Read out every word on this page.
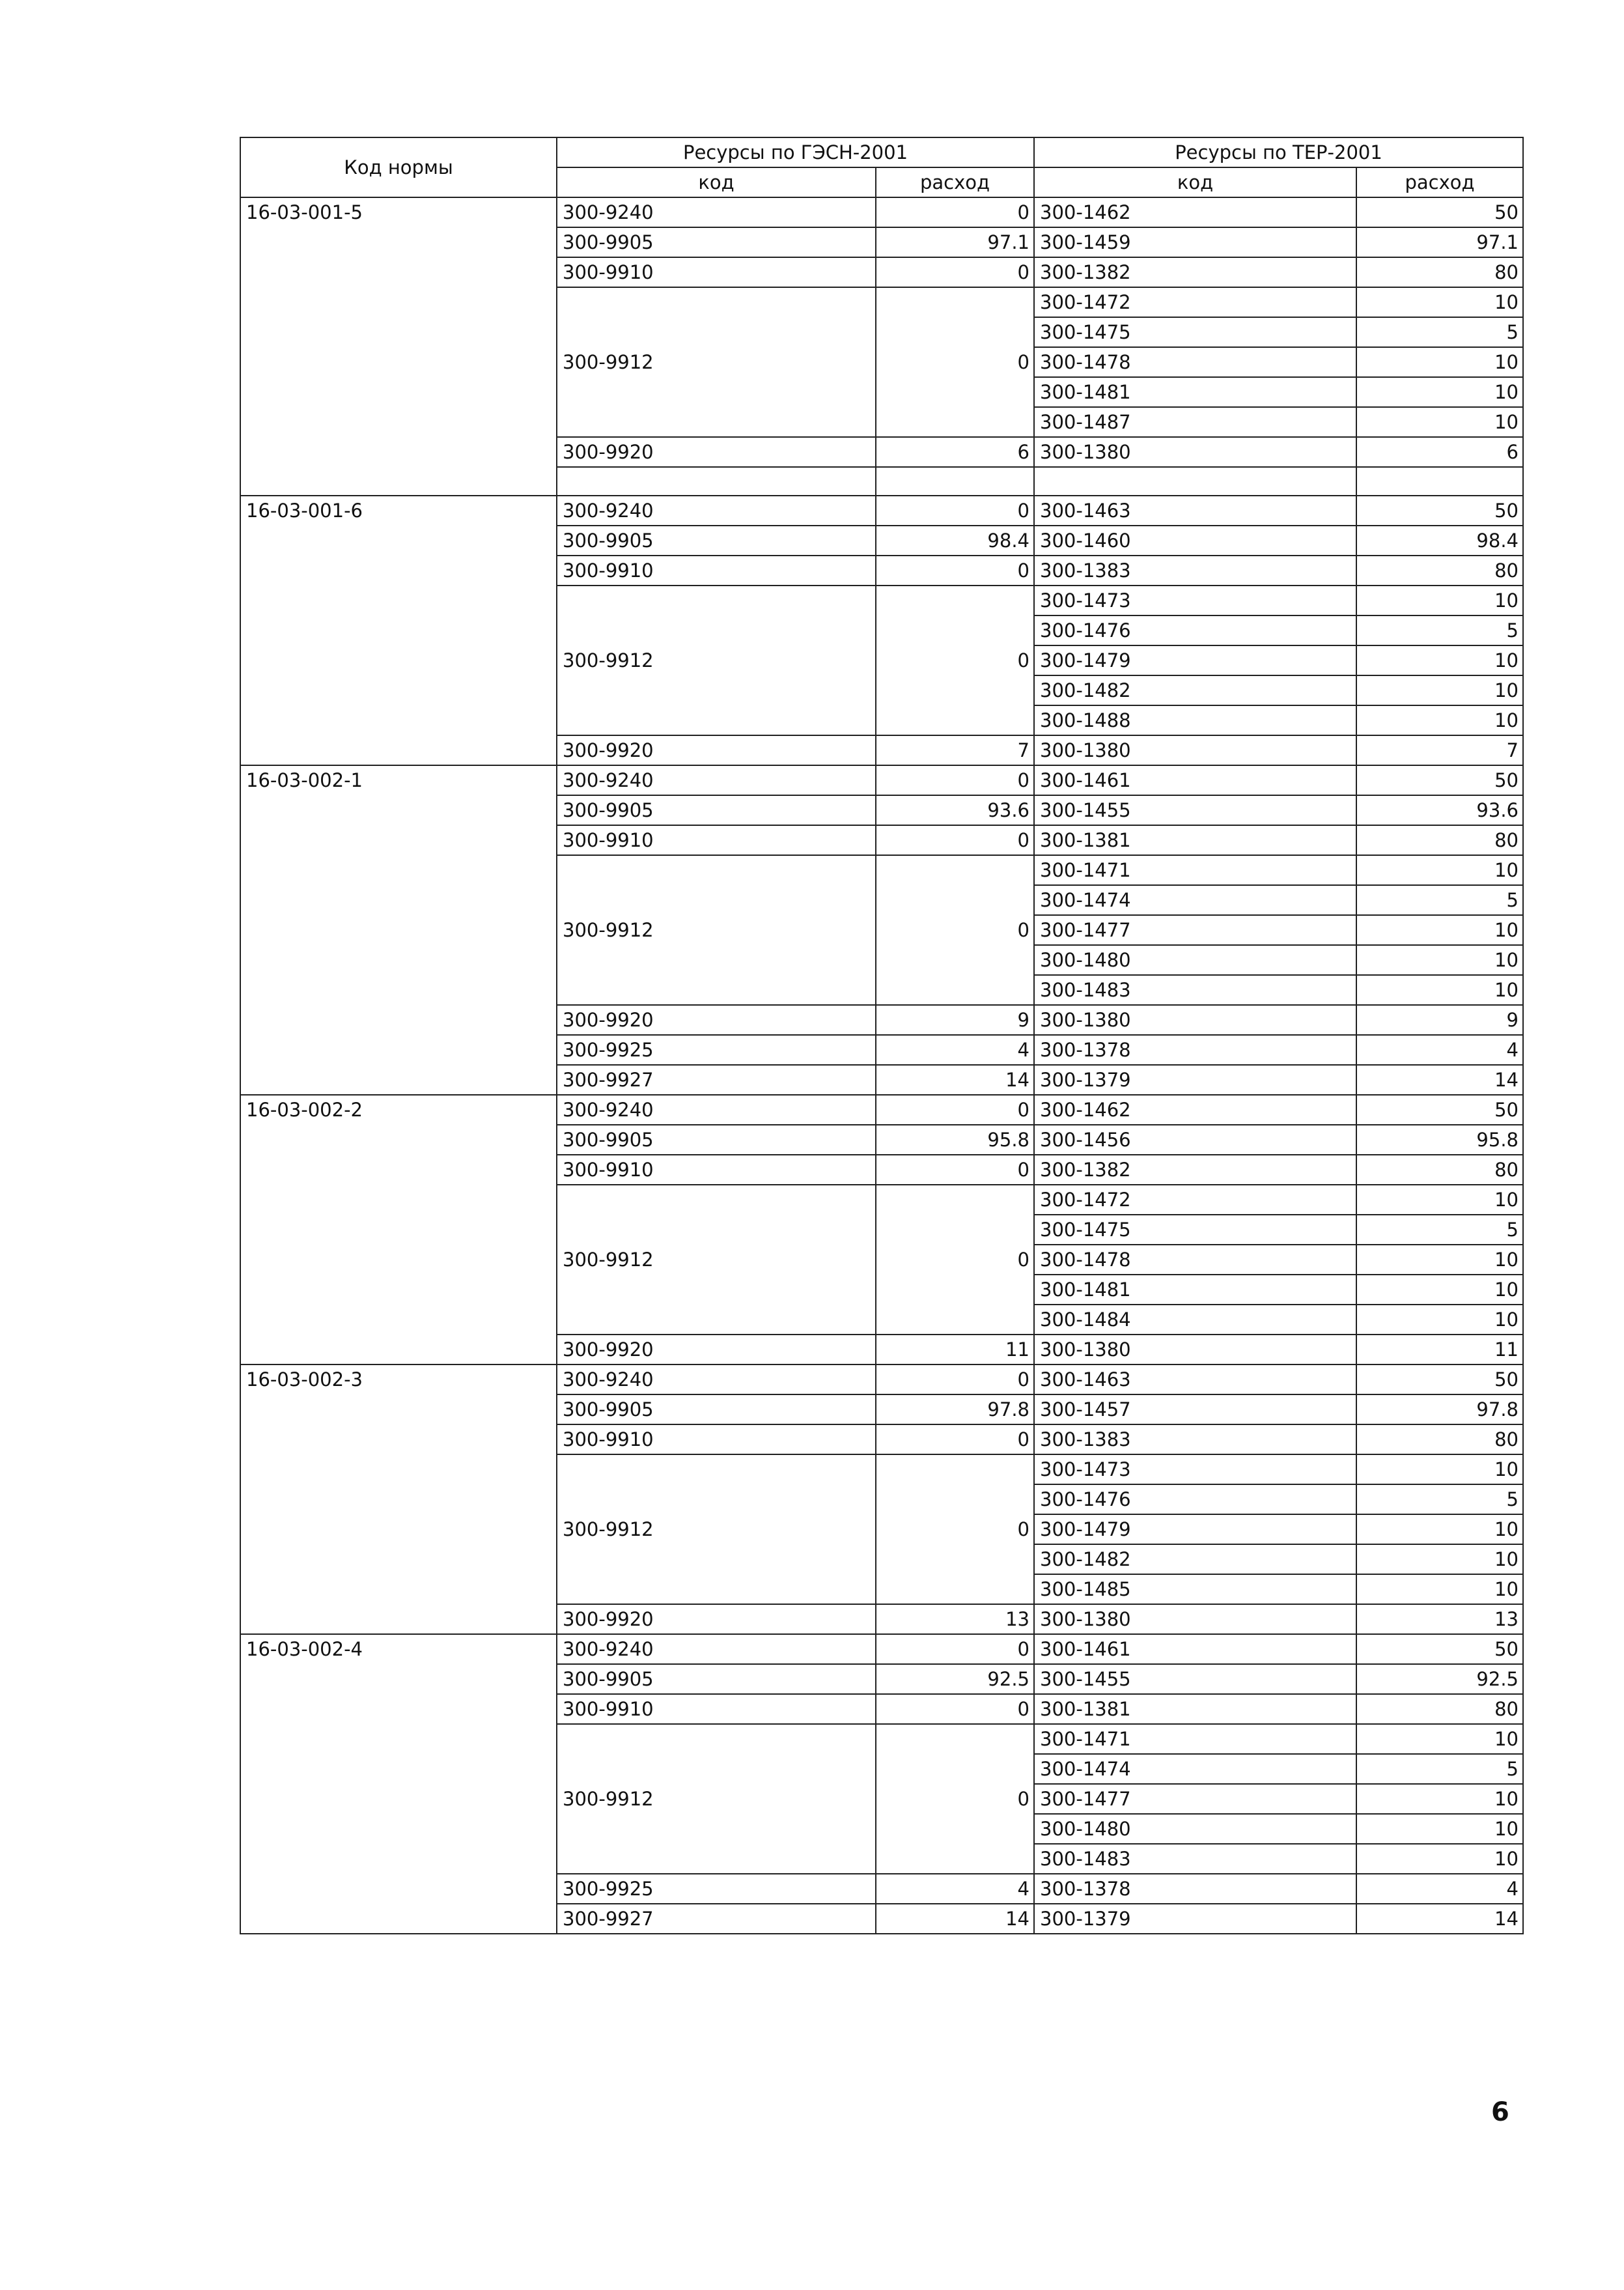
Код нормы	Ресурсы по ГЭСН-2001		Ресурсы по ТЕР-2001	
	код	расход	код	расход
16-03-001-5	300-9240	0	300-1462	50
	300-9905	97.1	300-1459	97.1
	300-9910	0	300-1382	80
	300-9912	0	300-1472	10
			300-1475	5
			300-1478	10
			300-1481	10
			300-1487	10
	300-9920	6	300-1380	6

16-03-001-6	300-9240	0	300-1463	50
	300-9905	98.4	300-1460	98.4
	300-9910	0	300-1383	80
	300-9912	0	300-1473	10
			300-1476	5
			300-1479	10
			300-1482	10
			300-1488	10
	300-9920	7	300-1380	7
16-03-002-1	300-9240	0	300-1461	50
	300-9905	93.6	300-1455	93.6
	300-9910	0	300-1381	80
	300-9912	0	300-1471	10
			300-1474	5
			300-1477	10
			300-1480	10
			300-1483	10
	300-9920	9	300-1380	9
	300-9925	4	300-1378	4
	300-9927	14	300-1379	14
16-03-002-2	300-9240	0	300-1462	50
	300-9905	95.8	300-1456	95.8
	300-9910	0	300-1382	80
	300-9912	0	300-1472	10
			300-1475	5
			300-1478	10
			300-1481	10
			300-1484	10
	300-9920	11	300-1380	11
16-03-002-3	300-9240	0	300-1463	50
	300-9905	97.8	300-1457	97.8
	300-9910	0	300-1383	80
	300-9912	0	300-1473	10
			300-1476	5
			300-1479	10
			300-1482	10
			300-1485	10
	300-9920	13	300-1380	13
16-03-002-4	300-9240	0	300-1461	50
	300-9905	92.5	300-1455	92.5
	300-9910	0	300-1381	80
	300-9912	0	300-1471	10
			300-1474	5
			300-1477	10
			300-1480	10
			300-1483	10
	300-9925	4	300-1378	4
	300-9927	14	300-1379	14
6
